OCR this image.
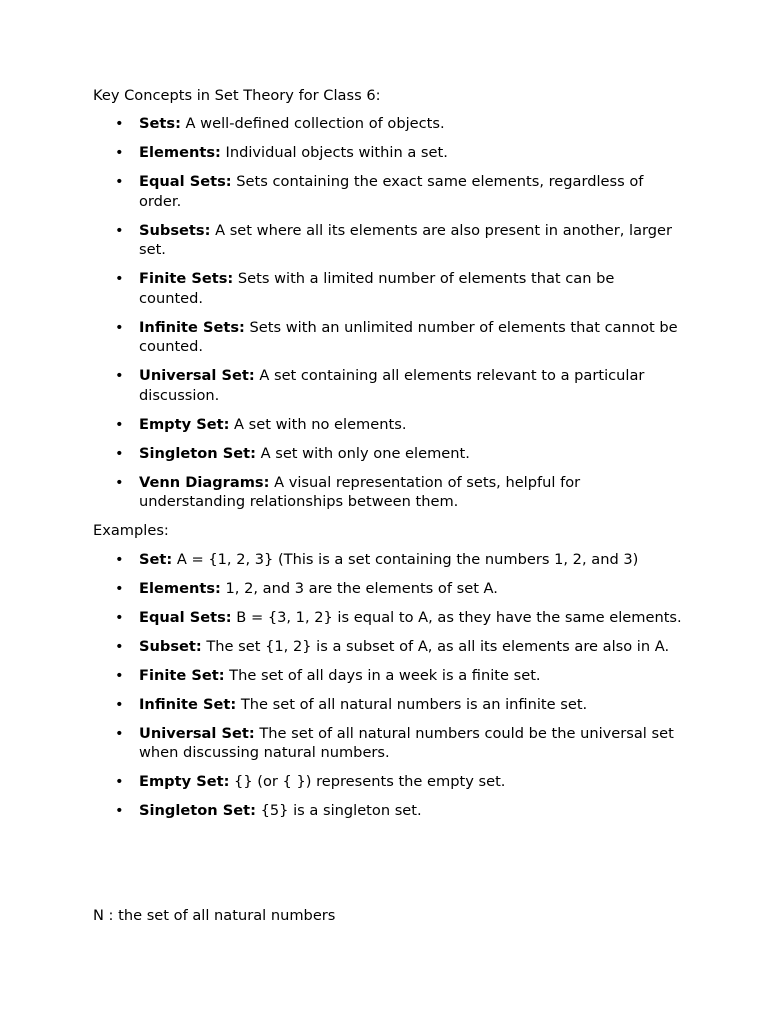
Key Concepts in Set Theory for Class 6:

• Sets: A well-defined collection of objects.
• Elements: Individual objects within a set.
• Equal Sets: Sets containing the exact same elements, regardless of order.
• Subsets: A set where all its elements are also present in another, larger set.
• Finite Sets: Sets with a limited number of elements that can be counted.
• Infinite Sets: Sets with an unlimited number of elements that cannot be counted.
• Universal Set: A set containing all elements relevant to a particular discussion.
• Empty Set: A set with no elements.
• Singleton Set: A set with only one element.
• Venn Diagrams: A visual representation of sets, helpful for understanding relationships between them.

Examples:

• Set: A = {1, 2, 3} (This is a set containing the numbers 1, 2, and 3)
• Elements: 1, 2, and 3 are the elements of set A.
• Equal Sets: B = {3, 1, 2} is equal to A, as they have the same elements.
• Subset: The set {1, 2} is a subset of A, as all its elements are also in A.
• Finite Set: The set of all days in a week is a finite set.
• Infinite Set: The set of all natural numbers is an infinite set.
• Universal Set: The set of all natural numbers could be the universal set when discussing natural numbers.
• Empty Set: {} (or { }) represents the empty set.
• Singleton Set: {5} is a singleton set.

N : the set of all natural numbers
